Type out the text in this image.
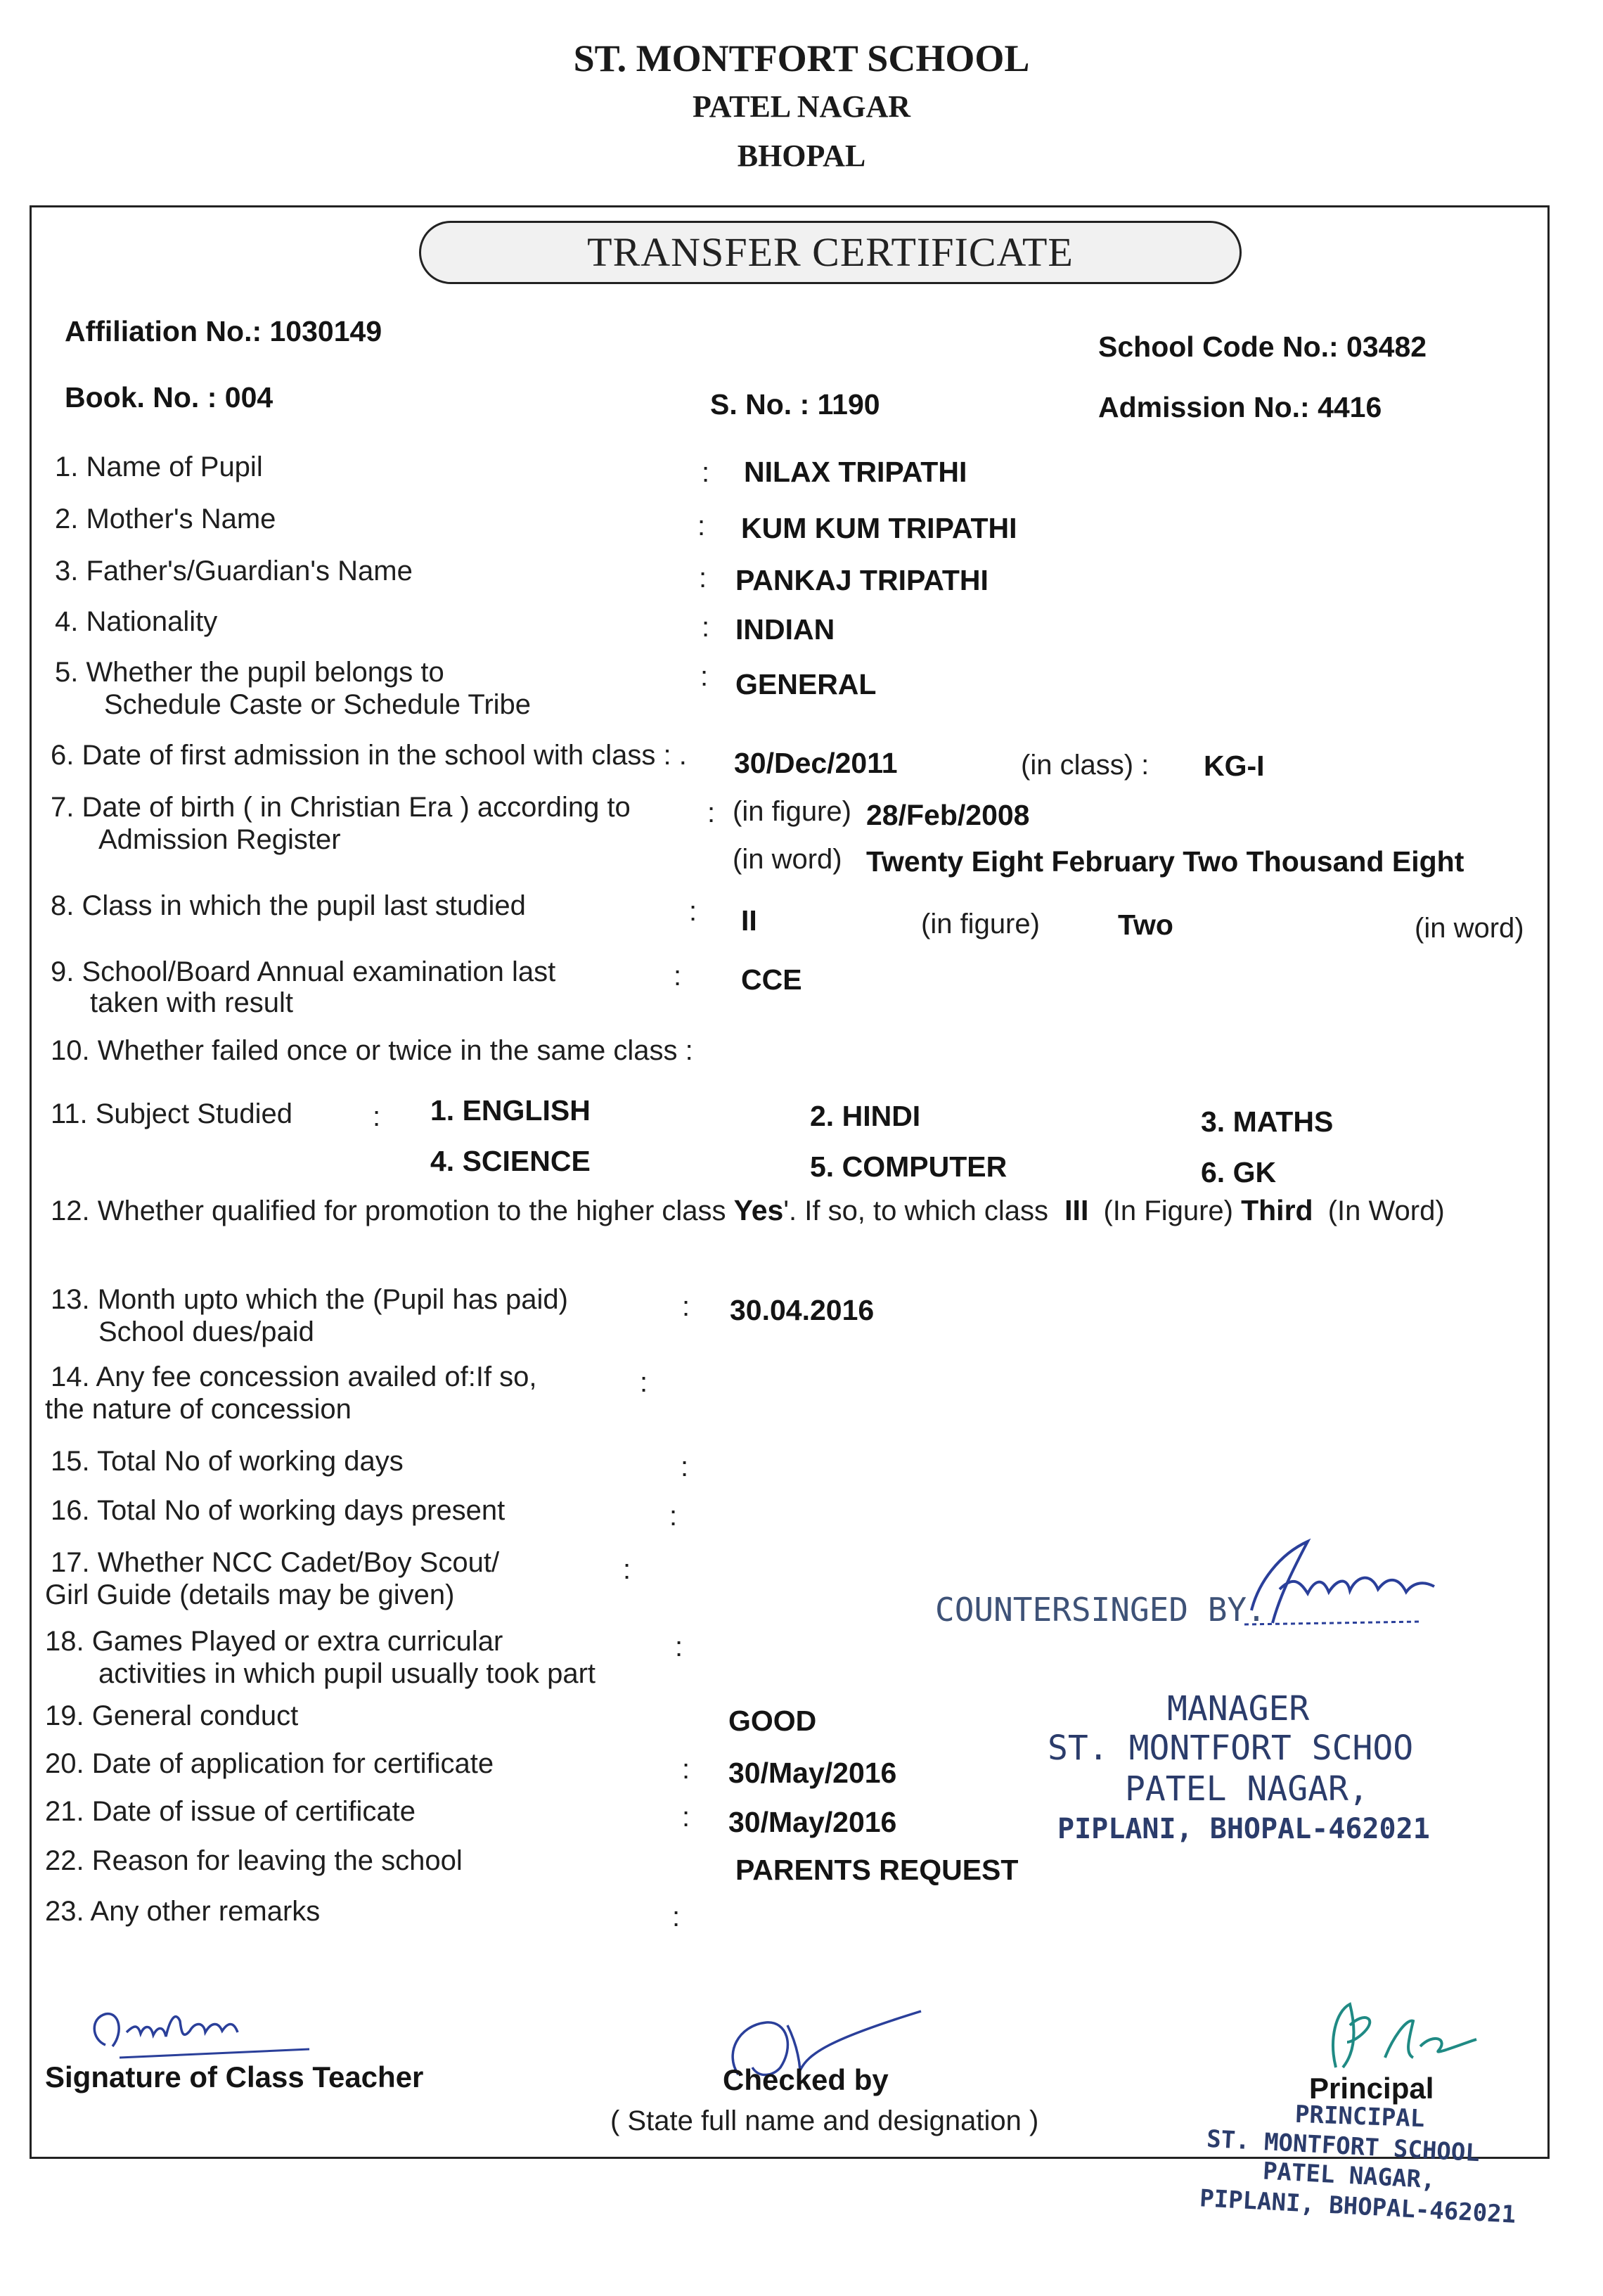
ST. MONTFORT SCHOOL
PATEL NAGAR
BHOPAL
TRANSFER CERTIFICATE
Affiliation No.: 1030149	School Code No.: 03482
Book. No. : 004	S. No. : 1190	Admission No.: 4416
1. Name of Pupil	: NILAX TRIPATHI
2. Mother's Name	: KUM KUM TRIPATHI
3. Father's/Guardian's Name	: PANKAJ TRIPATHI
4. Nationality	: INDIAN
5. Whether the pupil belongs to
Schedule Caste or Schedule Tribe
: GENERAL
6. Date of first admission in the school with class : . 30/Dec/2011	(in class) : KG-I
7. Date of birth ( in Christian Era ) according to
Admission Register
: (in figure) 28/Feb/2008
(in word) Twenty Eight February Two Thousand Eight
8. Class in which the pupil last studied	: II	(in figure)	Two	(in word)
9. School/Board Annual examination last
taken with result
: CCE
10. Whether failed once or twice in the same class :
11. Subject Studied	: 1. ENGLISH	2. HINDI	3. MATHS
4. SCIENCE	5. COMPUTER	6. GK
12. Whether qualified for promotion to the higher class Yes'. If so, to which class III (In Figure) Third (In Word)
13. Month upto which the (Pupil has paid)
School dues/paid
: 30.04.2016
14. Any fee concession availed of:If so,
the nature of concession
:
15. Total No of working days	:
16. Total No of working days present	:
17. Whether NCC Cadet/Boy Scout/
Girl Guide (details may be given)
:
18. Games Played or extra curricular
activities in which pupil usually took part
:
19. General conduct	GOOD
20. Date of application for certificate	: 30/May/2016
21. Date of issue of certificate	: 30/May/2016
22. Reason for leaving the school	PARENTS REQUEST
23. Any other remarks	:
COUNTERSINGED BY.
MANAGER
ST. MONTFORT SCHOO
PATEL NAGAR,
PIPLANI, BHOPAL-462021
Signature of Class Teacher	Checked by
( State full name and designation )
Principal
PRINCIPAL
ST. MONTFORT SCHOOL
PATEL NAGAR,
PIPLANI, BHOPAL-462021
